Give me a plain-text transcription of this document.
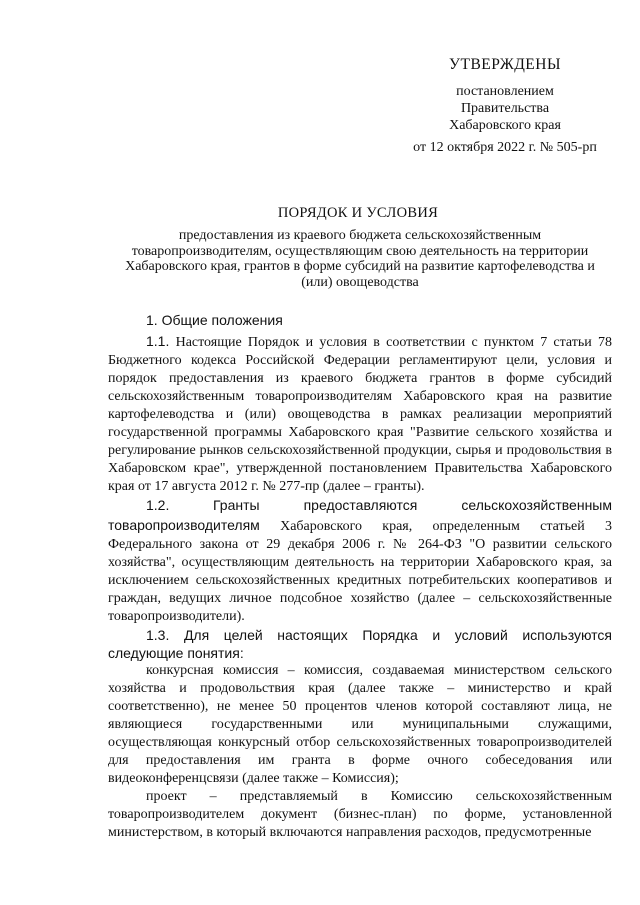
УТВЕРЖДЕНЫ
постановлением
Правительства
Хабаровского края
от 12 октября 2022 г. № 505-рп
ПОРЯДОК И УСЛОВИЯ
предоставления из краевого бюджета сельскохозяйственным товаропроизводителям, осуществляющим свою деятельность на территории Хабаровского края, грантов в форме субсидий на развитие картофелеводства и (или) овощеводства
1. Общие положения

1.1. Настоящие Порядок и условия в соответствии с пунктом 7 статьи 78 Бюджетного кодекса Российской Федерации регламентируют цели, условия и порядок предоставления из краевого бюджета грантов в форме субсидий сельскохозяйственным товаропроизводителям Хабаровского края на развитие картофелеводства и (или) овощеводства в рамках реализации мероприятий государственной программы Хабаровского края "Развитие сельского хозяйства и регулирование рынков сельскохозяйственной продукции, сырья и продовольствия в Хабаровском крае", утвержденной постановлением Правительства Хабаровского края от 17 августа 2012 г. № 277-пр (далее – гранты).

1.2.	Гранты предоставляются сельскохозяйственным товаропроизводителям Хабаровского края, определенным статьей 3 Федерального закона от 29 декабря 2006 г. № 264-ФЗ "О развитии сельского хозяйства", осуществляющим деятельность на территории Хабаровского края, за исключением сельскохозяйственных кредитных потребительских кооперативов и граждан, ведущих личное подсобное хозяйство (далее – сельскохозяйственные товаропроизводители).

1.3. Для целей настоящих Порядка и условий используются следующие понятия:

конкурсная комиссия – комиссия, создаваемая министерством сельского хозяйства и продовольствия края (далее также – министерство и край соответственно), не менее 50 процентов членов которой составляют лица, не являющиеся государственными или муниципальными служащими, осуществляющая конкурсный отбор сельскохозяйственных товаропроизводителей для предоставления им гранта в форме очного собеседования или видеоконференцсвязи (далее также – Комиссия);

проект – представляемый в Комиссию сельскохозяйственным товаропроизводителем документ (бизнес-план) по форме, установленной министерством, в который включаются направления расходов, предусмотренные
